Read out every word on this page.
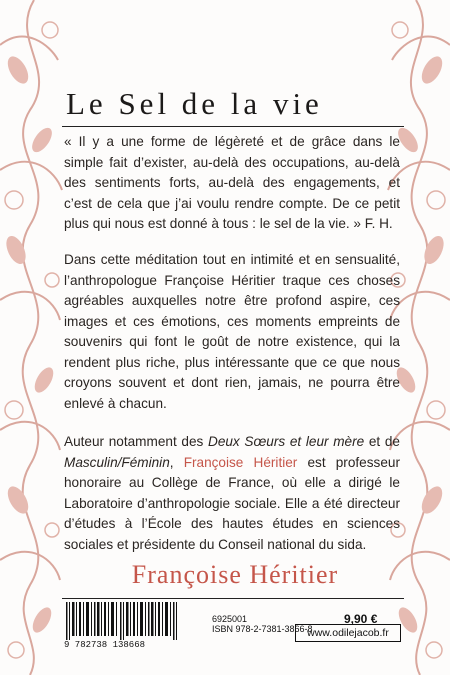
Le Sel de la vie
« Il y a une forme de légèreté et de grâce dans le simple fait d’exister, au-delà des occupations, au-delà des sentiments forts, au-delà des engagements, et c’est de cela que j’ai voulu rendre compte. De ce petit plus qui nous est donné à tous : le sel de la vie. » F. H.
Dans cette méditation tout en intimité et en sensualité, l’anthropologue Françoise Héritier traque ces choses agréables auxquelles notre être profond aspire, ces images et ces émotions, ces moments empreints de souvenirs qui font le goût de notre existence, qui la rendent plus riche, plus intéressante que ce que nous croyons souvent et dont rien, jamais, ne pourra être enlevé à chacun.
Auteur notamment des Deux Sœurs et leur mère et de Masculin/Féminin, Françoise Héritier est professeur honoraire au Collège de France, où elle a dirigé le Laboratoire d’anthropologie sociale. Elle a été directeur d’études à l’École des hautes études en sciences sociales et présidente du Conseil national du sida.
Françoise Héritier
9 782738 138668
6925001
ISBN 978-2-7381-3866-8
9,90 €
www.odilejacob.fr
